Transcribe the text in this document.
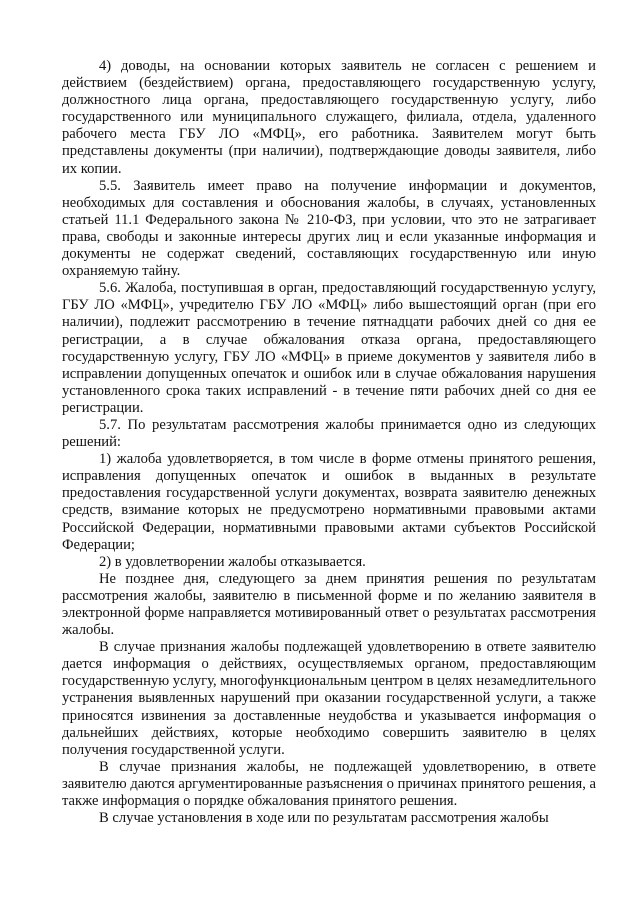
4) доводы, на основании которых заявитель не согласен с решением и действием (бездействием) органа, предоставляющего государственную услугу, должностного лица органа, предоставляющего государственную услугу, либо государственного или муниципального служащего, филиала, отдела, удаленного рабочего места ГБУ ЛО «МФЦ», его работника. Заявителем могут быть представлены документы (при наличии), подтверждающие доводы заявителя, либо их копии.

5.5. Заявитель имеет право на получение информации и документов, необходимых для составления и обоснования жалобы, в случаях, установленных статьей 11.1 Федерального закона № 210-ФЗ, при условии, что это не затрагивает права, свободы и законные интересы других лиц и если указанные информация и документы не содержат сведений, составляющих государственную или иную охраняемую тайну.

5.6. Жалоба, поступившая в орган, предоставляющий государственную услугу, ГБУ ЛО «МФЦ», учредителю ГБУ ЛО «МФЦ» либо вышестоящий орган (при его наличии), подлежит рассмотрению в течение пятнадцати рабочих дней со дня ее регистрации, а в случае обжалования отказа органа, предоставляющего государственную услугу, ГБУ ЛО «МФЦ» в приеме документов у заявителя либо в исправлении допущенных опечаток и ошибок или в случае обжалования нарушения установленного срока таких исправлений - в течение пяти рабочих дней со дня ее регистрации.

5.7. По результатам рассмотрения жалобы принимается одно из следующих решений:

1) жалоба удовлетворяется, в том числе в форме отмены принятого решения, исправления допущенных опечаток и ошибок в выданных в результате предоставления государственной услуги документах, возврата заявителю денежных средств, взимание которых не предусмотрено нормативными правовыми актами Российской Федерации, нормативными правовыми актами субъектов Российской Федерации;

2) в удовлетворении жалобы отказывается.

Не позднее дня, следующего за днем принятия решения по результатам рассмотрения жалобы, заявителю в письменной форме и по желанию заявителя в электронной форме направляется мотивированный ответ о результатах рассмотрения жалобы.

В случае признания жалобы подлежащей удовлетворению в ответе заявителю дается информация о действиях, осуществляемых органом, предоставляющим государственную услугу, многофункциональным центром в целях незамедлительного устранения выявленных нарушений при оказании государственной услуги, а также приносятся извинения за доставленные неудобства и указывается информация о дальнейших действиях, которые необходимо совершить заявителю в целях получения государственной услуги.

В случае признания жалобы, не подлежащей удовлетворению, в ответе заявителю даются аргументированные разъяснения о причинах принятого решения, а также информация о порядке обжалования принятого решения.

В случае установления в ходе или по результатам рассмотрения жалобы
